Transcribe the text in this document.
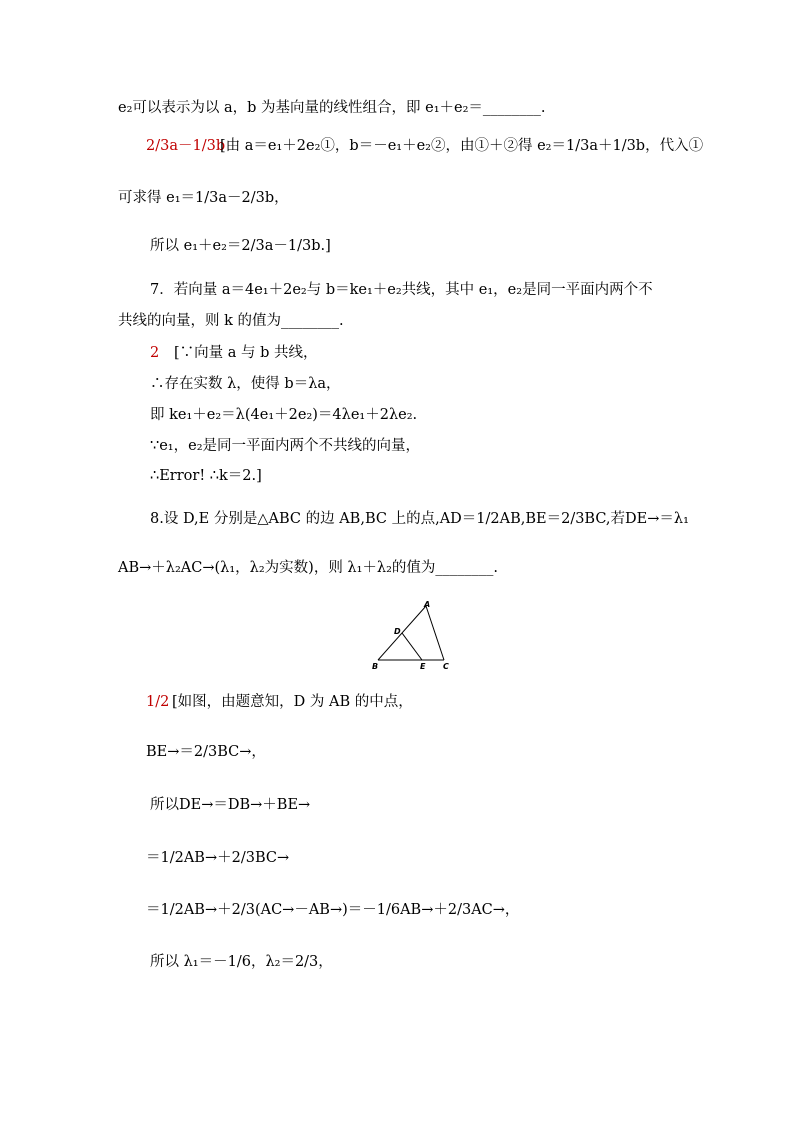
e₂可以表示为以 a，b 为基向量的线性组合，即 e₁＋e₂＝________.
2/3a－1/3b
[由 a＝e₁＋2e₂①，b＝－e₁＋e₂②，由①＋②得 e₂＝1/3a＋1/3b，代入①
可求得 e₁＝1/3a－2/3b，
所以 e₁＋e₂＝2/3a－1/3b.]
7．若向量 a＝4e₁＋2e₂与 b＝ke₁＋e₂共线，其中 e₁，e₂是同一平面内两个不
共线的向量，则 k 的值为________.
2 [∵向量 a 与 b 共线，
∴存在实数 λ，使得 b＝λa，
即 ke₁＋e₂＝λ(4e₁＋2e₂)＝4λe₁＋2λe₂.
∵e₁，e₂是同一平面内两个不共线的向量，
∴Error! ∴k＝2.]
8.设 D,E 分别是△ABC 的边 AB,BC 上的点,AD＝1/2AB,BE＝2/3BC,若DE→＝λ₁
AB→＋λ₂AC→(λ₁，λ₂为实数)，则 λ₁＋λ₂的值为________.
A
D
B	E C
1/2 [如图，由题意知，D 为 AB 的中点，
BE→＝2/3BC→，
所以DE→＝DB→＋BE→
＝1/2AB→＋2/3BC→
＝1/2AB→＋2/3(AC→－AB→)＝－1/6AB→＋2/3AC→，
所以 λ₁＝－1/6，λ₂＝2/3，
